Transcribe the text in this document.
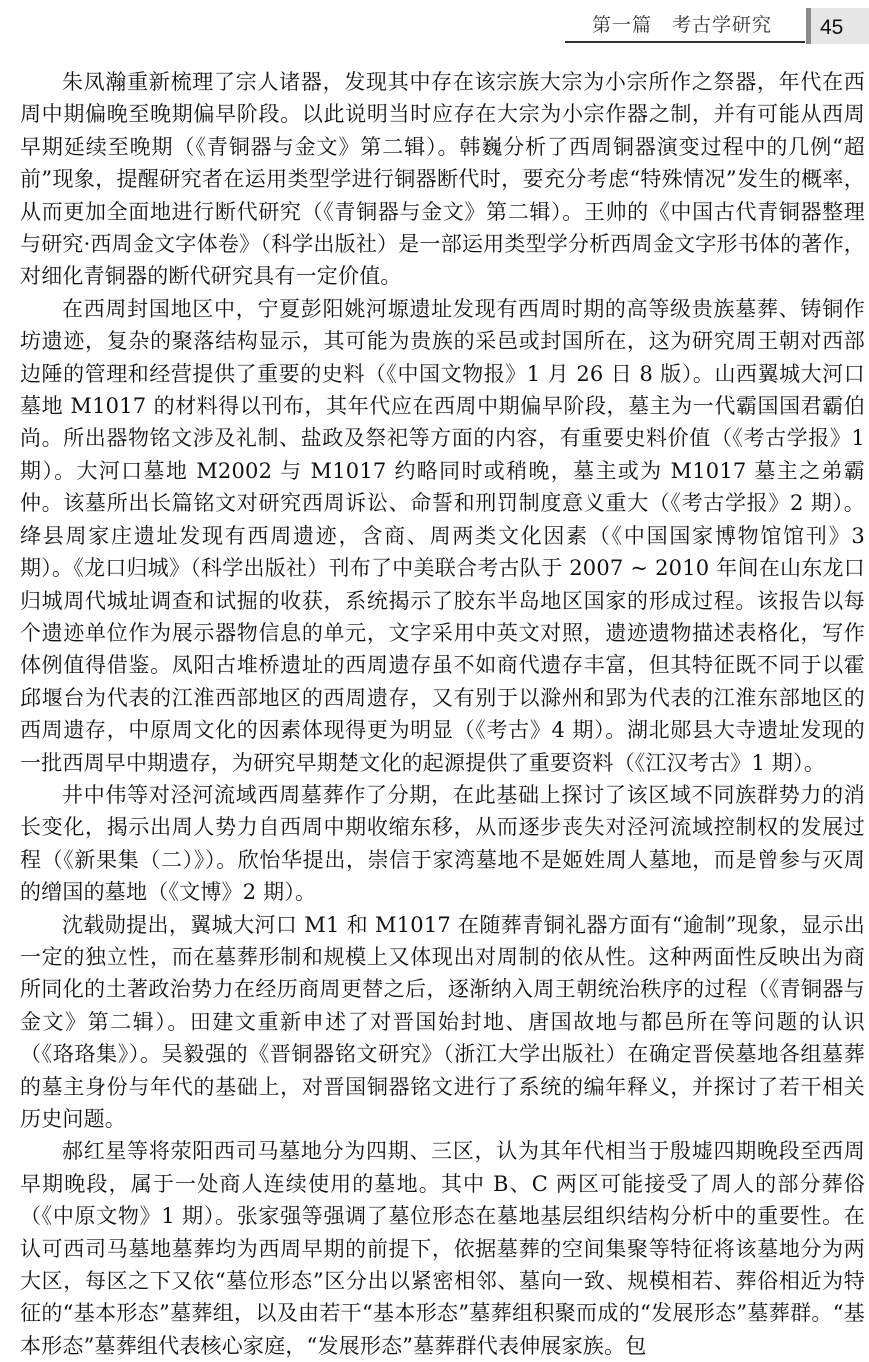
第一篇　考古学研究 45

朱凤瀚重新梳理了宗人诸器，发现其中存在该宗族大宗为小宗所作之祭器，年代在西周中期偏晚至晚期偏早阶段。以此说明当时应存在大宗为小宗作器之制，并有可能从西周早期延续至晚期（《青铜器与金文》第二辑）。韩巍分析了西周铜器演变过程中的几例“超前”现象，提醒研究者在运用类型学进行铜器断代时，要充分考虑“特殊情况”发生的概率，从而更加全面地进行断代研究（《青铜器与金文》第二辑）。王帅的《中国古代青铜器整理与研究·西周金文字体卷》（科学出版社）是一部运用类型学分析西周金文字形书体的著作，对细化青铜器的断代研究具有一定价值。

在西周封国地区中，宁夏彭阳姚河塬遗址发现有西周时期的高等级贵族墓葬、铸铜作坊遗迹，复杂的聚落结构显示，其可能为贵族的采邑或封国所在，这为研究周王朝对西部边陲的管理和经营提供了重要的史料（《中国文物报》1 月 26 日 8 版）。山西翼城大河口墓地 M1017 的材料得以刊布，其年代应在西周中期偏早阶段，墓主为一代霸国国君霸伯尚。所出器物铭文涉及礼制、盐政及祭祀等方面的内容，有重要史料价值（《考古学报》1 期）。大河口墓地 M2002 与 M1017 约略同时或稍晚，墓主或为 M1017 墓主之弟霸仲。该墓所出长篇铭文对研究西周诉讼、命誓和刑罚制度意义重大（《考古学报》2 期）。绛县周家庄遗址发现有西周遗迹，含商、周两类文化因素（《中国国家博物馆馆刊》3 期）。《龙口归城》（科学出版社）刊布了中美联合考古队于 2007 ~ 2010 年间在山东龙口归城周代城址调查和试掘的收获，系统揭示了胶东半岛地区国家的形成过程。该报告以每个遗迹单位作为展示器物信息的单元，文字采用中英文对照，遗迹遗物描述表格化，写作体例值得借鉴。凤阳古堆桥遗址的西周遗存虽不如商代遗存丰富，但其特征既不同于以霍邱堰台为代表的江淮西部地区的西周遗存，又有别于以滁州和郢为代表的江淮东部地区的西周遗存，中原周文化的因素体现得更为明显（《考古》4 期）。湖北郧县大寺遗址发现的一批西周早中期遗存，为研究早期楚文化的起源提供了重要资料（《江汉考古》1 期）。

井中伟等对泾河流域西周墓葬作了分期，在此基础上探讨了该区域不同族群势力的消长变化，揭示出周人势力自西周中期收缩东移，从而逐步丧失对泾河流域控制权的发展过程（《新果集（二）》）。欣怡华提出，崇信于家湾墓地不是姬姓周人墓地，而是曾参与灭周的缯国的墓地（《文博》2 期）。

沈载勋提出，翼城大河口 M1 和 M1017 在随葬青铜礼器方面有“逾制”现象，显示出一定的独立性，而在墓葬形制和规模上又体现出对周制的依从性。这种两面性反映出为商所同化的土著政治势力在经历商周更替之后，逐渐纳入周王朝统治秩序的过程（《青铜器与金文》第二辑）。田建文重新申述了对晋国始封地、唐国故地与都邑所在等问题的认识（《珞珞集》）。吴毅强的《晋铜器铭文研究》（浙江大学出版社）在确定晋侯墓地各组墓葬的墓主身份与年代的基础上，对晋国铜器铭文进行了系统的编年释义，并探讨了若干相关历史问题。

郝红星等将荥阳西司马墓地分为四期、三区，认为其年代相当于殷墟四期晚段至西周早期晚段，属于一处商人连续使用的墓地。其中 B、C 两区可能接受了周人的部分葬俗（《中原文物》1 期）。张家强等强调了墓位形态在墓地基层组织结构分析中的重要性。在认可西司马墓地墓葬均为西周早期的前提下，依据墓葬的空间集聚等特征将该墓地分为两大区，每区之下又依“墓位形态”区分出以紧密相邻、墓向一致、规模相若、葬俗相近为特征的“基本形态”墓葬组，以及由若干“基本形态”墓葬组积聚而成的“发展形态”墓葬群。“基本形态”墓葬组代表核心家庭，“发展形态”墓葬群代表伸展家族。包
